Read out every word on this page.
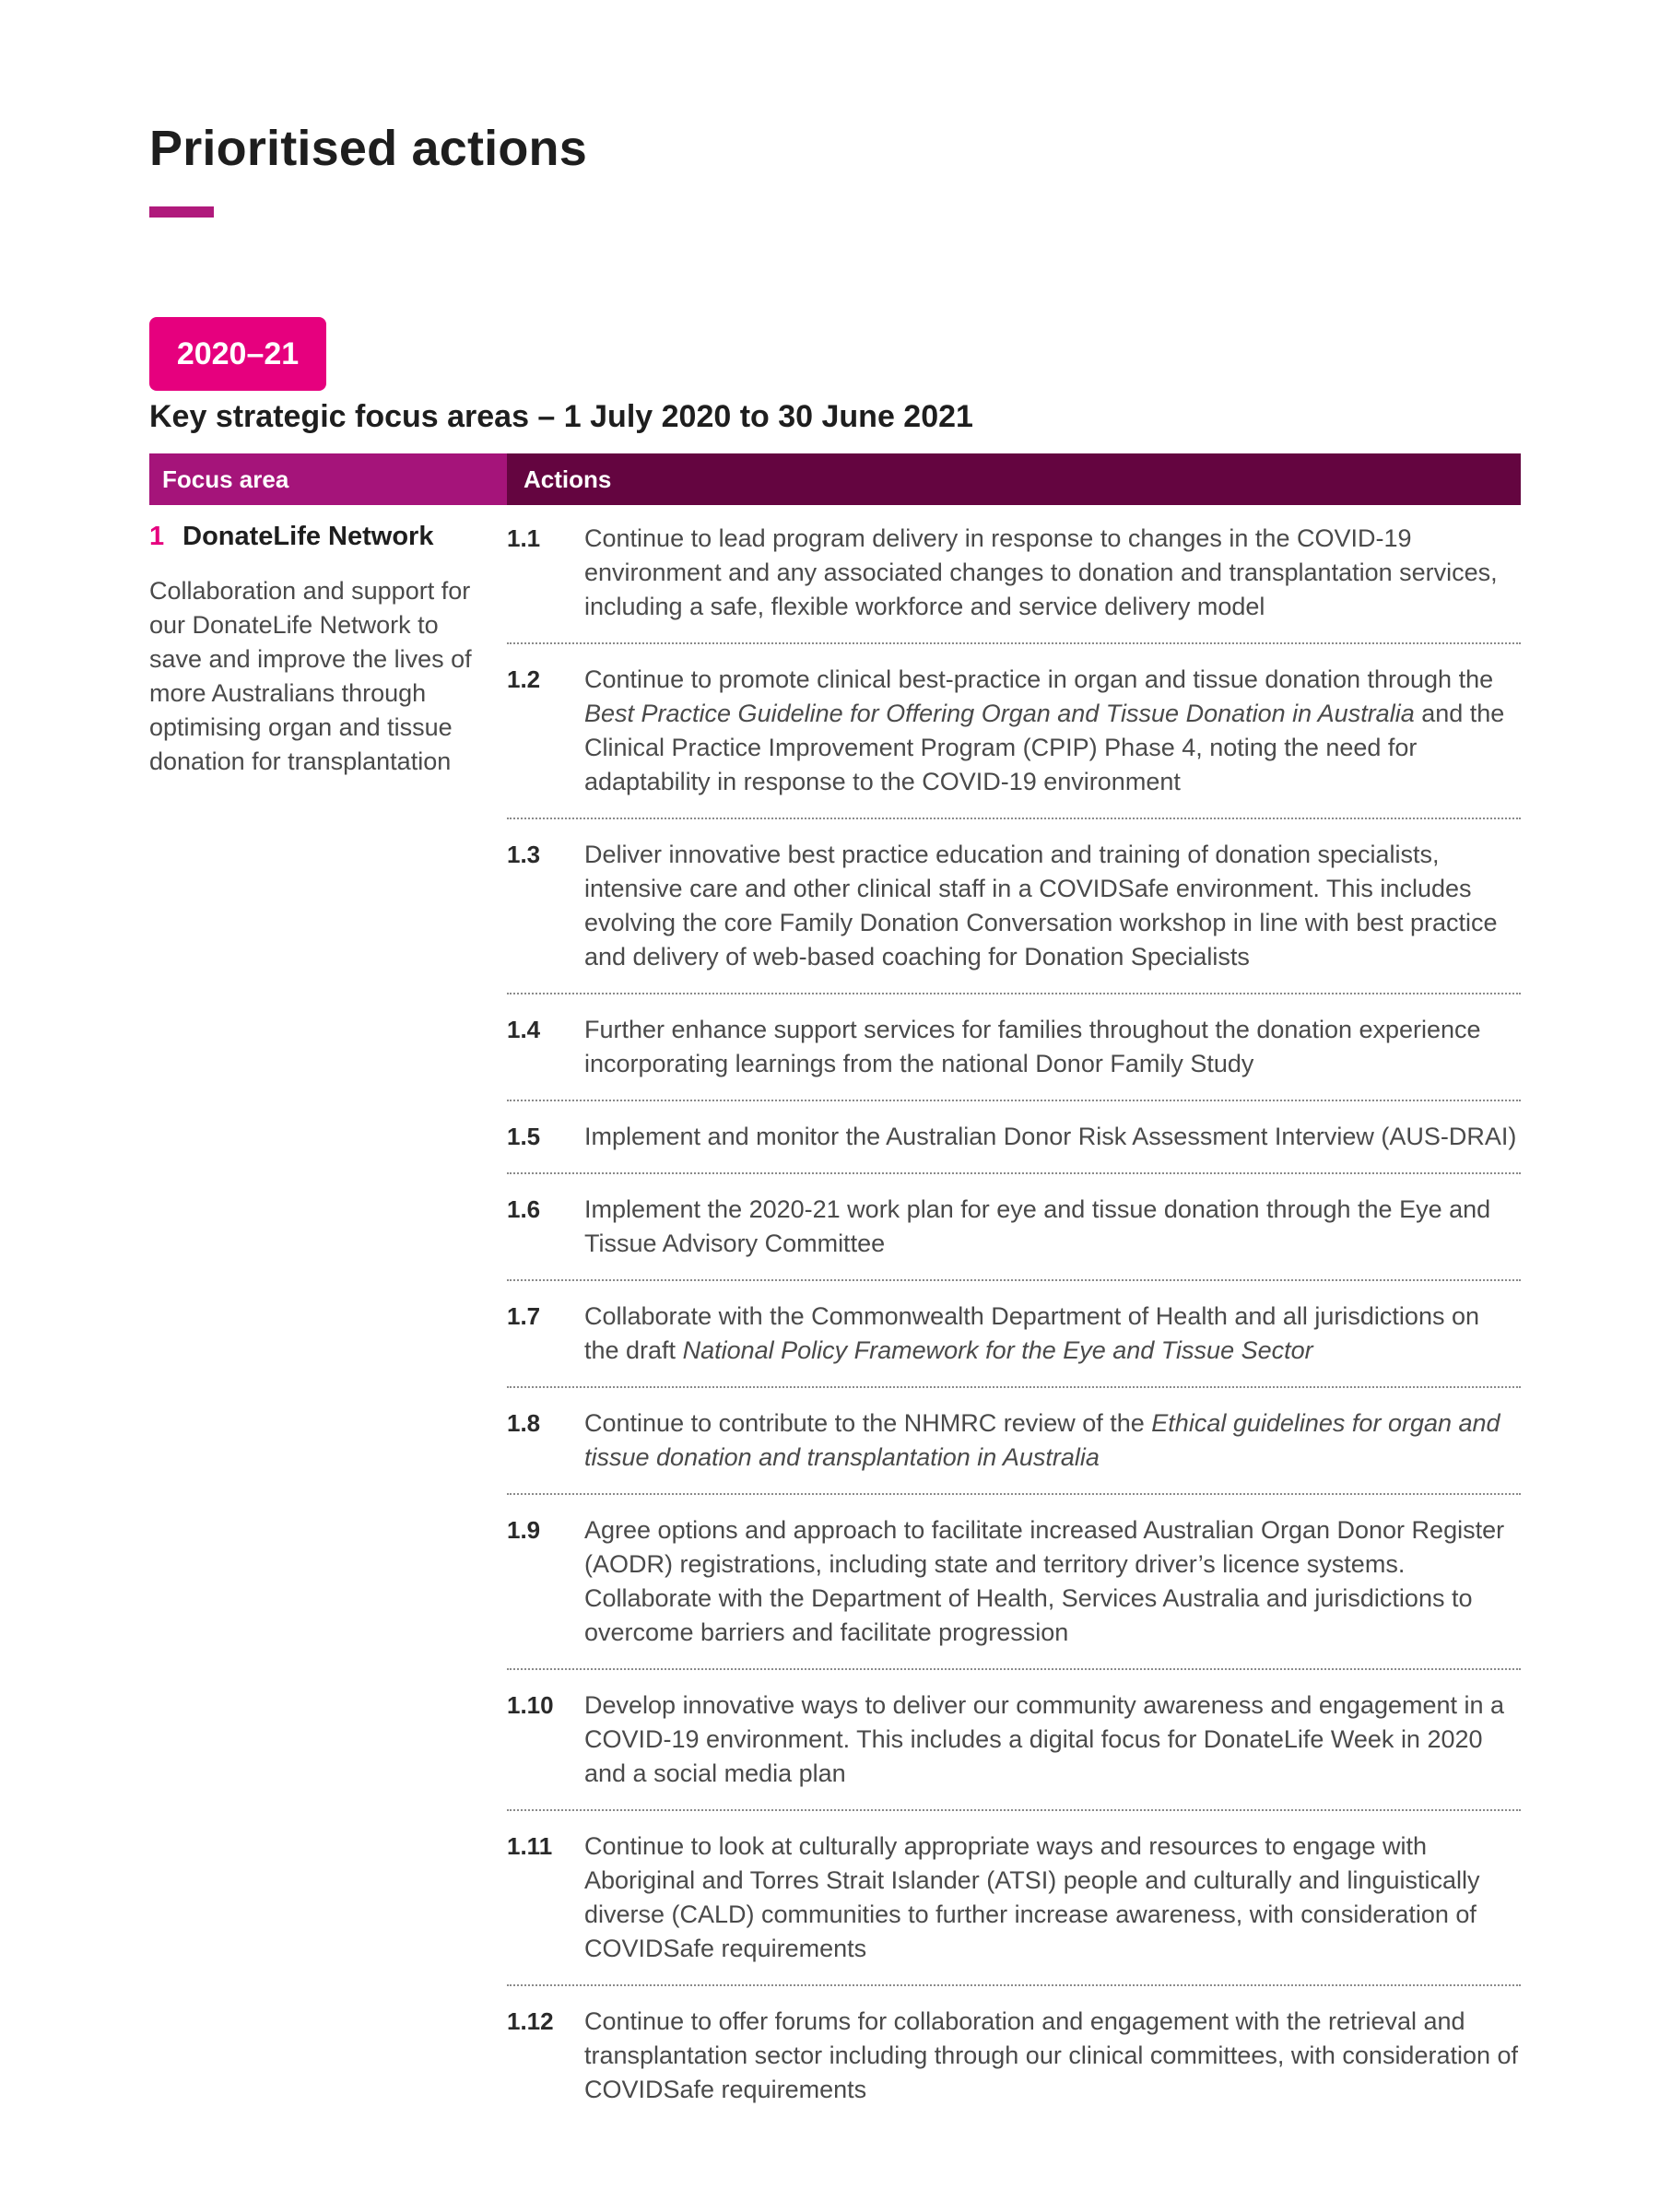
Prioritised actions
2020–21
Key strategic focus areas – 1 July 2020 to 30 June 2021
Focus area	Actions

1 DonateLife Network

Collaboration and support for our DonateLife Network to save and improve the lives of more Australians through optimising organ and tissue donation for transplantation

1.1	Continue to lead program delivery in response to changes in the COVID-19 environment and any associated changes to donation and transplantation services, including a safe, flexible workforce and service delivery model
1.2	Continue to promote clinical best-practice in organ and tissue donation through the Best Practice Guideline for Offering Organ and Tissue Donation in Australia and the Clinical Practice Improvement Program (CPIP) Phase 4, noting the need for adaptability in response to the COVID-19 environment
1.3	Deliver innovative best practice education and training of donation specialists, intensive care and other clinical staff in a COVIDSafe environment. This includes evolving the core Family Donation Conversation workshop in line with best practice and delivery of web-based coaching for Donation Specialists
1.4	Further enhance support services for families throughout the donation experience incorporating learnings from the national Donor Family Study
1.5	Implement and monitor the Australian Donor Risk Assessment Interview (AUS-DRAI)
1.6	Implement the 2020-21 work plan for eye and tissue donation through the Eye and Tissue Advisory Committee
1.7	Collaborate with the Commonwealth Department of Health and all jurisdictions on the draft National Policy Framework for the Eye and Tissue Sector
1.8	Continue to contribute to the NHMRC review of the Ethical guidelines for organ and tissue donation and transplantation in Australia
1.9	Agree options and approach to facilitate increased Australian Organ Donor Register (AODR) registrations, including state and territory driver’s licence systems. Collaborate with the Department of Health, Services Australia and jurisdictions to overcome barriers and facilitate progression
1.10	Develop innovative ways to deliver our community awareness and engagement in a COVID-19 environment. This includes a digital focus for DonateLife Week in 2020 and a social media plan
1.11	Continue to look at culturally appropriate ways and resources to engage with Aboriginal and Torres Strait Islander (ATSI) people and culturally and linguistically diverse (CALD) communities to further increase awareness, with consideration of COVIDSafe requirements
1.12	Continue to offer forums for collaboration and engagement with the retrieval and transplantation sector including through our clinical committees, with consideration of COVIDSafe requirements
